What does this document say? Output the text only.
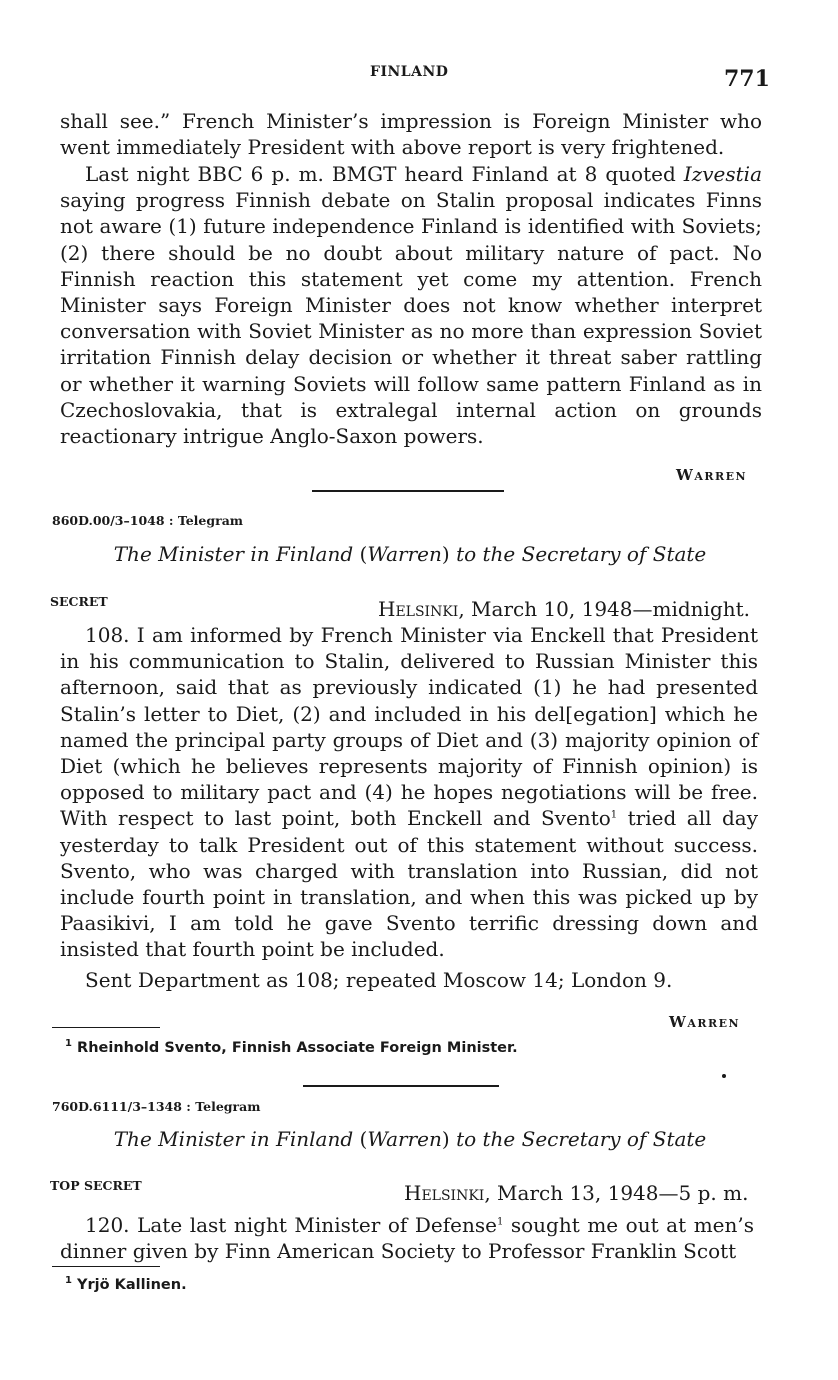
FINLAND	771

shall see.” French Minister’s impression is Foreign Minister who went immediately President with above report is very frightened.

Last night BBC 6 p. m. BMGT heard Finland at 8 quoted Izvestia saying progress Finnish debate on Stalin proposal indicates Finns not aware (1) future independence Finland is identified with Soviets; (2) there should be no doubt about military nature of pact. No Finnish reaction this statement yet come my attention. French Minister says Foreign Minister does not know whether interpret conversation with Soviet Minister as no more than expression Soviet irritation Finnish delay decision or whether it threat saber rattling or whether it warning Soviets will follow same pattern Finland as in Czechoslovakia, that is extralegal internal action on grounds reactionary intrigue Anglo-Saxon powers.

Warren
860D.00/3–1048 : Telegram

The Minister in Finland (Warren) to the Secretary of State

SECRET	Helsinki, March 10, 1948—midnight.

108. I am informed by French Minister via Enckell that President in his communication to Stalin, delivered to Russian Minister this afternoon, said that as previously indicated (1) he had presented Stalin’s letter to Diet, (2) and included in his del[egation] which he named the principal party groups of Diet and (3) majority opinion of Diet (which he believes represents majority of Finnish opinion) is opposed to military pact and (4) he hopes negotiations will be free. With respect to last point, both Enckell and Svento$^1$ tried all day yesterday to talk President out of this statement without success. Svento, who was charged with translation into Russian, did not include fourth point in translation, and when this was picked up by Paasikivi, I am told he gave Svento terrific dressing down and insisted that fourth point be included.

Sent Department as 108; repeated Moscow 14; London 9.

Warren

$^1$ Rheinhold Svento, Finnish Associate Foreign Minister.

760D.6111/3–1348 : Telegram

The Minister in Finland (Warren) to the Secretary of State

TOP SECRET	Helsinki, March 13, 1948—5 p. m.

120. Late last night Minister of Defense$^1$ sought me out at men’s dinner given by Finn American Society to Professor Franklin Scott

$^1$ Yrjö Kallinen.
